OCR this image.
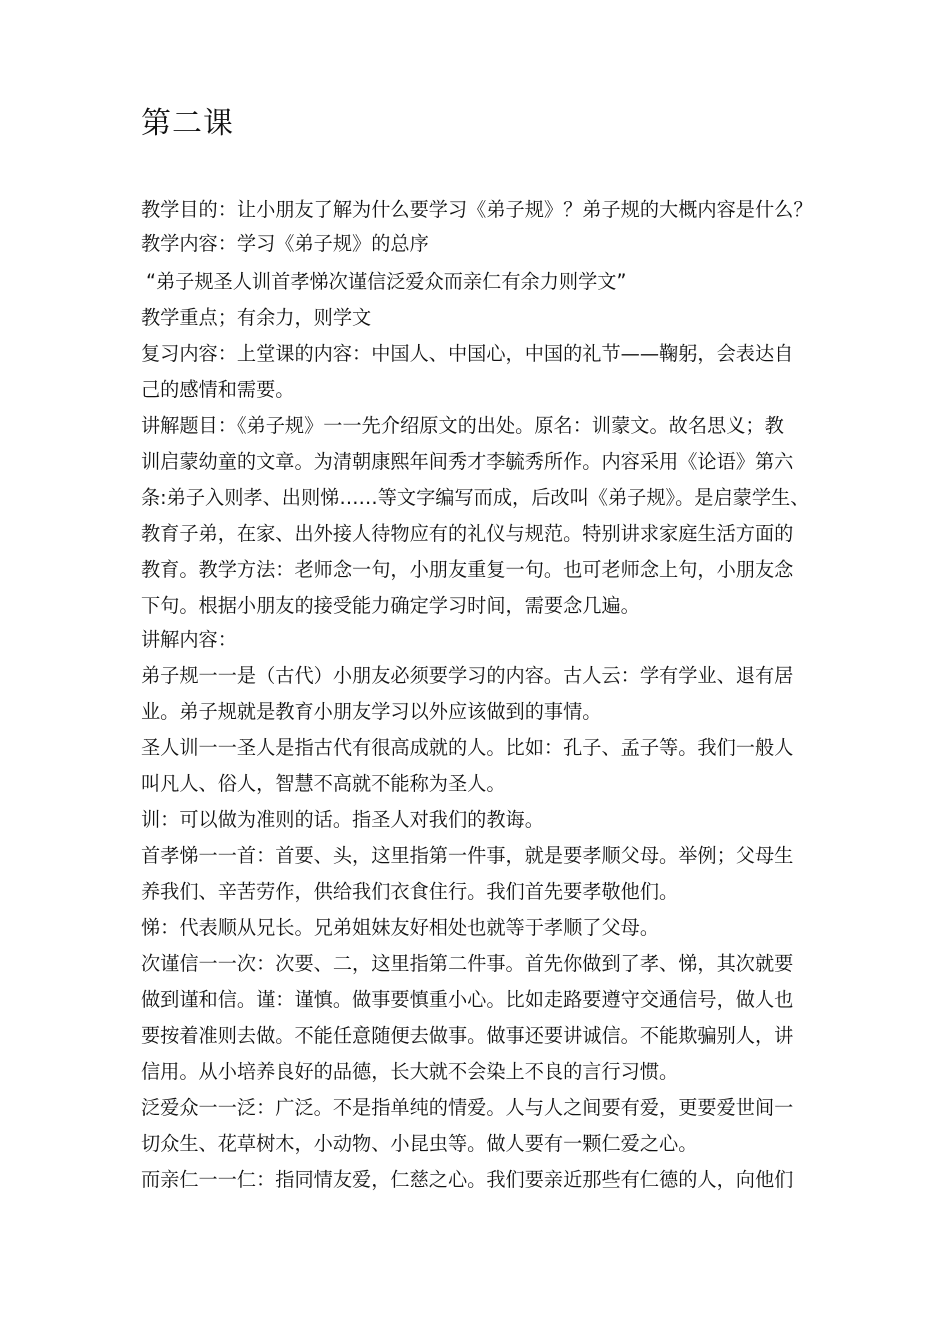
第二课
教学目的：让小朋友了解为什么要学习《弟子规》？弟子规的大概内容是什么？
教学内容：学习《弟子规》的总序
“弟子规圣人训首孝悌次谨信泛爱众而亲仁有余力则学文”
教学重点；有余力，则学文
复习内容：上堂课的内容：中国人、中国心，中国的礼节——鞠躬，会表达自
己的感情和需要。
讲解题目：《弟子规》一一先介绍原文的出处。原名：训蒙文。故名思义；教
训启蒙幼童的文章。为清朝康熙年间秀才李毓秀所作。内容采用《论语》第六
条:弟子入则孝、出则悌……等文字编写而成，后改叫《弟子规》。是启蒙学生、
教育子弟，在家、出外接人待物应有的礼仪与规范。特别讲求家庭生活方面的
教育。教学方法：老师念一句，小朋友重复一句。也可老师念上句，小朋友念
下句。根据小朋友的接受能力确定学习时间，需要念几遍。
讲解内容：
弟子规一一是（古代）小朋友必须要学习的内容。古人云：学有学业、退有居
业。弟子规就是教育小朋友学习以外应该做到的事情。
圣人训一一圣人是指古代有很高成就的人。比如：孔子、孟子等。我们一般人
叫凡人、俗人，智慧不高就不能称为圣人。
训：可以做为准则的话。指圣人对我们的教诲。
首孝悌一一首：首要、头，这里指第一件事，就是要孝顺父母。举例；父母生
养我们、辛苦劳作，供给我们衣食住行。我们首先要孝敬他们。
悌：代表顺从兄长。兄弟姐妹友好相处也就等于孝顺了父母。
次谨信一一次：次要、二，这里指第二件事。首先你做到了孝、悌，其次就要
做到谨和信。谨：谨慎。做事要慎重小心。比如走路要遵守交通信号，做人也
要按着准则去做。不能任意随便去做事。做事还要讲诚信。不能欺骗别人，讲
信用。从小培养良好的品德，长大就不会染上不良的言行习惯。
泛爱众一一泛：广泛。不是指单纯的情爱。人与人之间要有爱，更要爱世间一
切众生、花草树木，小动物、小昆虫等。做人要有一颗仁爱之心。
而亲仁一一仁：指同情友爱，仁慈之心。我们要亲近那些有仁德的人，向他们
